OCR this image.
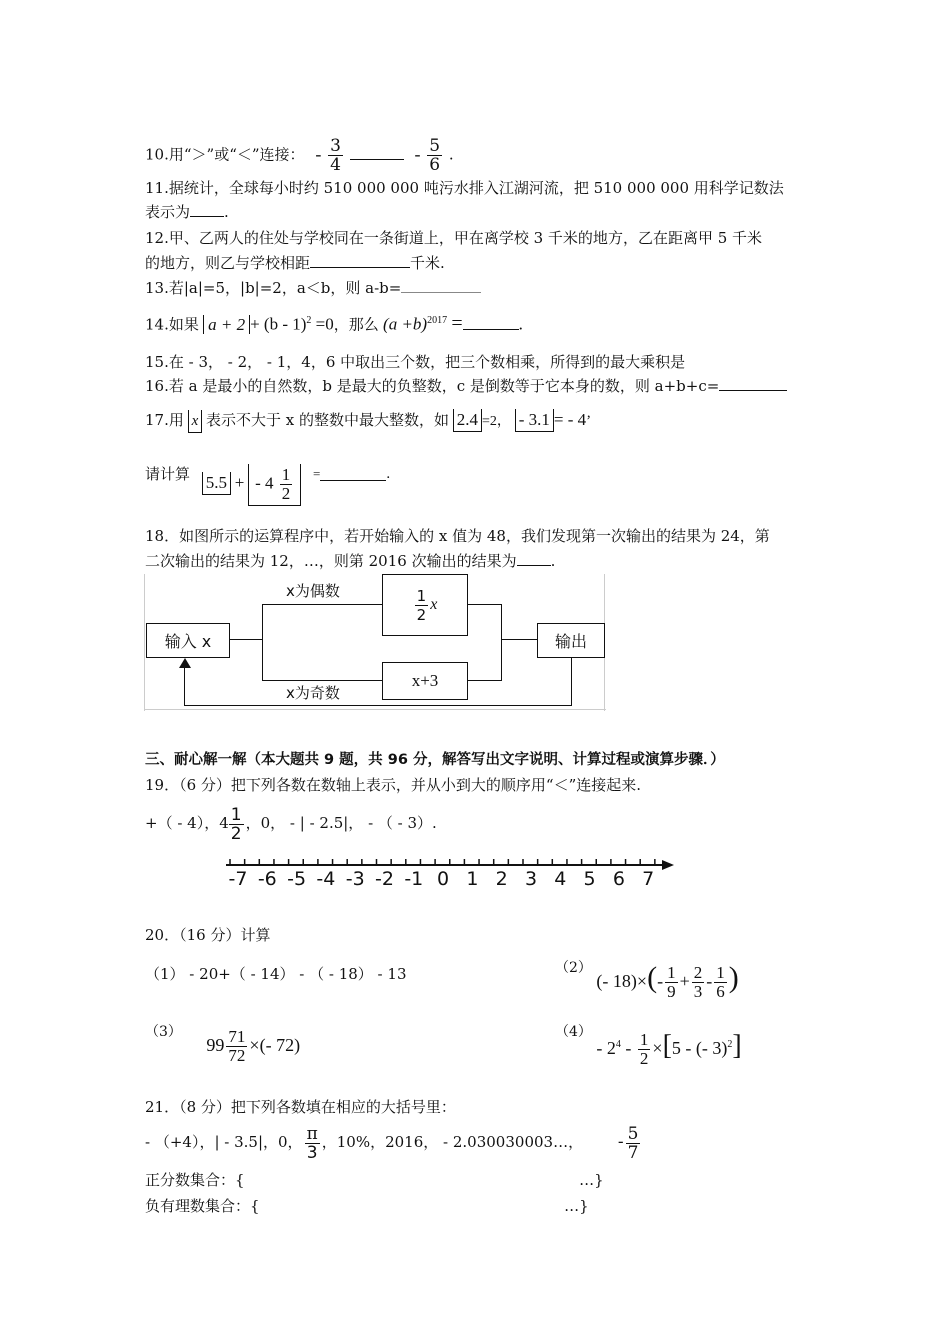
10.用“＞”或“＜”连接： - $\frac{3}{4}$	- $\frac{5}{6}$ .
11.据统计，全球每小时约 510 000 000 吨污水排入江湖河流，把 510 000 000 用科学记数法
表示为 .
12.甲、乙两人的住处与学校同在一条街道上，甲在离学校 3 千米的地方，乙在距离甲 5 千米
的地方，则乙与学校相距	千米.
13.若|a|=5，|b|=2，a＜b，则 a-b=
14.如果 a + 2 + (b - 1)$^2$ =0，那么 $(a +b)^{2017}$ =	.
15.在 - 3， - 2， - 1，4，6 中取出三个数，把三个数相乘，所得到的最大乘积是
16.若 a 是最小的自然数，b 是最大的负整数，c 是倒数等于它本身的数，则 a+b+c=
17.用 x 表示不大于 x 的整数中最大整数，如 2.4 =2， - 3.1 = - 4’
请计算 5.5 + - $4 \frac{1}{2}$ =	.
18．如图所示的运算程序中，若开始输入的 x 值为 48，我们发现第一次输出的结果为 24，第
二次输出的结果为 12，…，则第 2016 次输出的结果为 .
输入 x	输出
$\frac{1}{2}$ x
x+3
x为偶数
x为奇数
三、耐心解一解（本大题共 9 题，共 96 分，解答写出文字说明、计算过程或演算步骤．）
19．（6 分）把下列各数在数轴上表示，并从小到大的顺序用“＜”连接起来.
+（ - 4），$4 \frac{1}{2}$ ，0， - | - 2.5|， - （ - 3）.
-7 -6 -5 -4 -3 -2 -1 0 1 2 3 4 5 6 7
20．（16 分）计算
（1） - 20+（ - 14） - （ - 18） - 13	$^{(2)}$ (- $18)\times(- \frac{1}{9} + \frac{2}{3} - \frac{1}{6}$ )
$^{(3)}$ $99 \frac{71}{72}$ ×(- 72)
$^{(4)} - 2^4 - \frac{1}{2} \times[5$ - (- 3)$^2$]
21．（8 分）把下列各数填在相应的大括号里：
- （+4），| - 3.5|，0， $\frac{\pi}{3}$ ，10%，2016， - 2.030030003…， - $\frac{5}{7}$
正分数集合：{	…}
负有理数集合：{	…}
